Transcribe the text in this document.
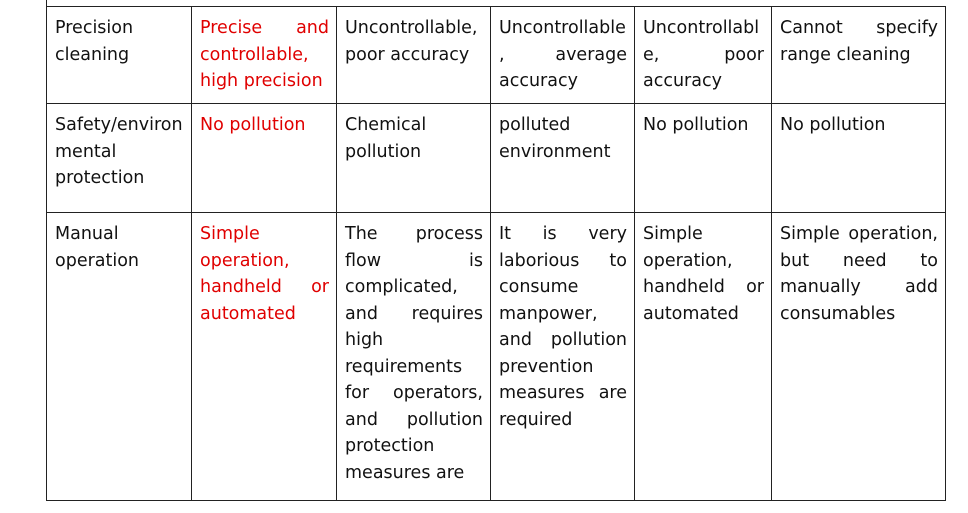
Precision cleaning	Precise and controllable, high precision	Uncontrollable, poor accuracy	Uncontrollable, average accuracy	Uncontrollable, poor accuracy	Cannot specify range cleaning
Safety/environmental protection	No pollution	Chemical pollution	polluted environment	No pollution	No pollution
Manual operation	Simple operation, handheld or automated	The process flow is complicated, and requires high requirements for operators, and pollution protection measures are	It is very laborious to consume manpower, and pollution prevention measures are required	Simple operation, handheld or automated	Simple operation, but need to manually add consumables
